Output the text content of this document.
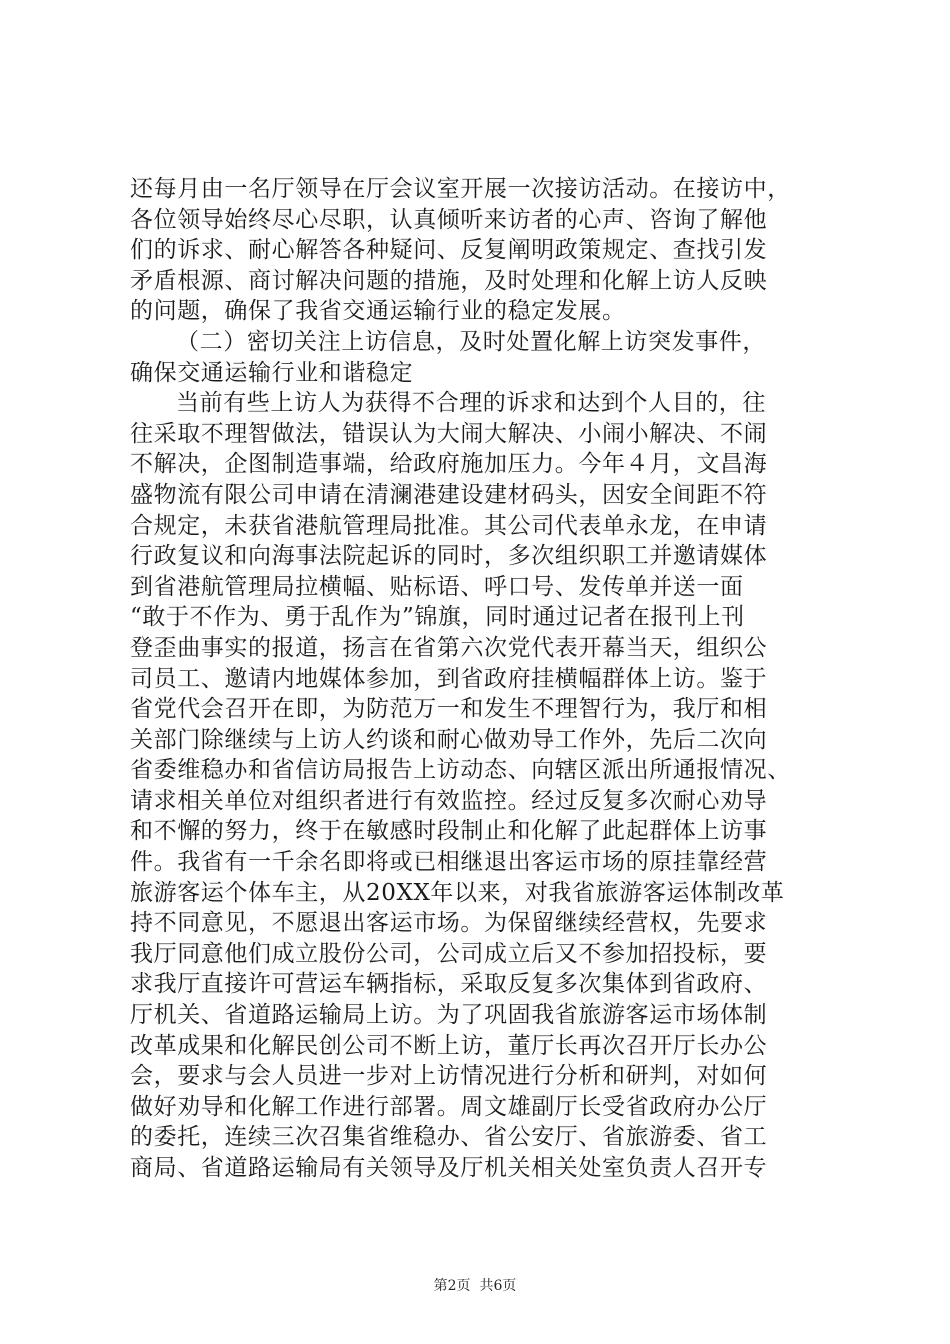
还每月由一名厅领导在厅会议室开展一次接访活动。在接访中，
各位领导始终尽心尽职，认真倾听来访者的心声、咨询了解他
们的诉求、耐心解答各种疑问、反复阐明政策规定、查找引发
矛盾根源、商讨解决问题的措施，及时处理和化解上访人反映
的问题，确保了我省交通运输行业的稳定发展。
（二）密切关注上访信息，及时处置化解上访突发事件，
确保交通运输行业和谐稳定
当前有些上访人为获得不合理的诉求和达到个人目的，往
往采取不理智做法，错误认为大闹大解决、小闹小解决、不闹
不解决，企图制造事端，给政府施加压力。今年４月，文昌海
盛物流有限公司申请在清澜港建设建材码头，因安全间距不符
合规定，未获省港航管理局批准。其公司代表单永龙，在申请
行政复议和向海事法院起诉的同时，多次组织职工并邀请媒体
到省港航管理局拉横幅、贴标语、呼口号、发传单并送一面
“敢于不作为、勇于乱作为”锦旗，同时通过记者在报刊上刊
登歪曲事实的报道，扬言在省第六次党代表开幕当天，组织公
司员工、邀请内地媒体参加，到省政府挂横幅群体上访。鉴于
省党代会召开在即，为防范万一和发生不理智行为，我厅和相
关部门除继续与上访人约谈和耐心做劝导工作外，先后二次向
省委维稳办和省信访局报告上访动态、向辖区派出所通报情况、
请求相关单位对组织者进行有效监控。经过反复多次耐心劝导
和不懈的努力，终于在敏感时段制止和化解了此起群体上访事
件。我省有一千余名即将或已相继退出客运市场的原挂靠经营
旅游客运个体车主，从20XX年以来，对我省旅游客运体制改革
持不同意见，不愿退出客运市场。为保留继续经营权，先要求
我厅同意他们成立股份公司，公司成立后又不参加招投标，要
求我厅直接许可营运车辆指标，采取反复多次集体到省政府、
厅机关、省道路运输局上访。为了巩固我省旅游客运市场体制
改革成果和化解民创公司不断上访，董厅长再次召开厅长办公
会，要求与会人员进一步对上访情况进行分析和研判，对如何
做好劝导和化解工作进行部署。周文雄副厅长受省政府办公厅
的委托，连续三次召集省维稳办、省公安厅、省旅游委、省工
商局、省道路运输局有关领导及厅机关相关处室负责人召开专
第2页 共6页
